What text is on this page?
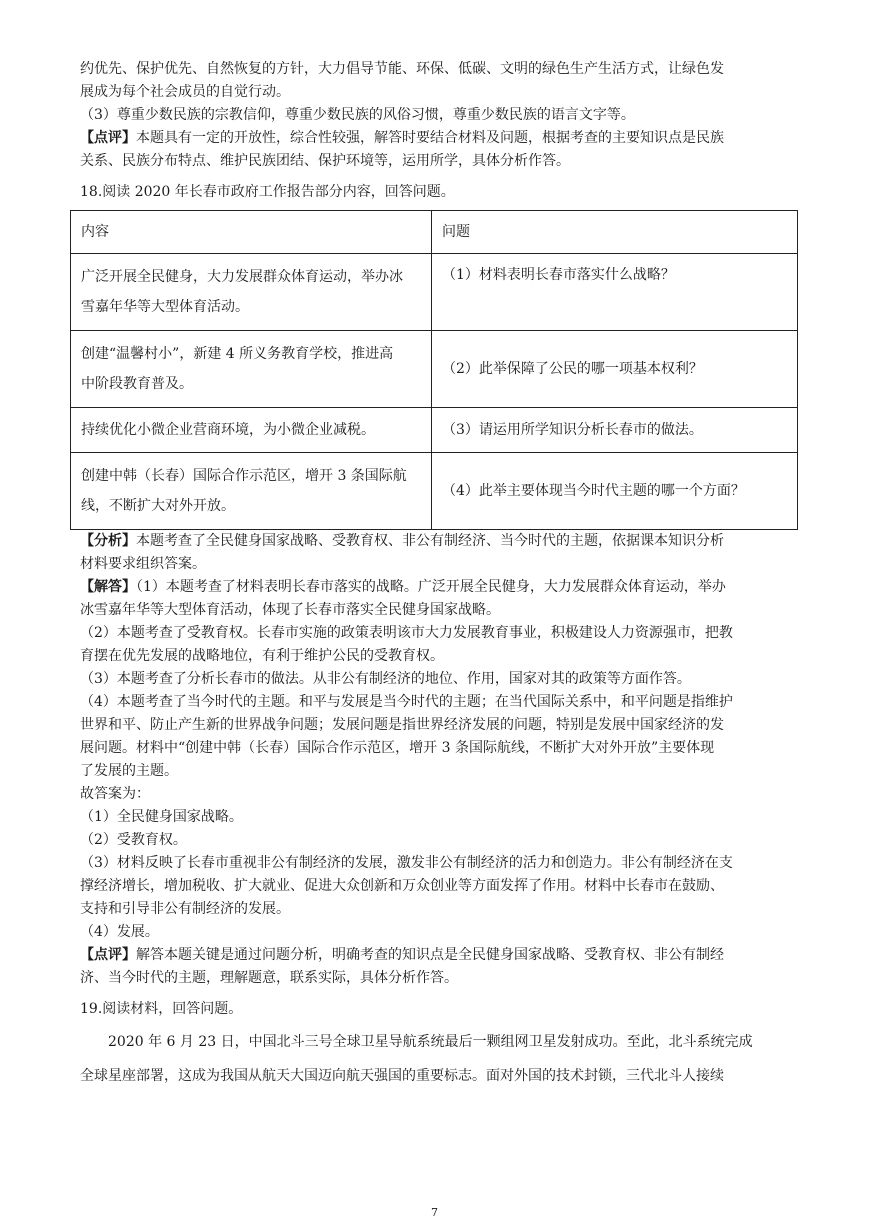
约优先、保护优先、自然恢复的方针，大力倡导节能、环保、低碳、文明的绿色生产生活方式，让绿色发

展成为每个社会成员的自觉行动。

（3）尊重少数民族的宗教信仰，尊重少数民族的风俗习惯，尊重少数民族的语言文字等。

【点评】本题具有一定的开放性，综合性较强，解答时要结合材料及问题，根据考查的主要知识点是民族

关系、民族分布特点、维护民族团结、保护环境等，运用所学，具体分析作答。

18.阅读 2020 年长春市政府工作报告部分内容，回答问题。

内容	问题

广泛开展全民健身，大力发展群众体育运动，举办冰
雪嘉年华等大型体育活动。	（1）材料表明长春市落实什么战略？

创建“温馨村小”，新建 4 所义务教育学校，推进高
中阶段教育普及。	（2）此举保障了公民的哪一项基本权利？

持续优化小微企业营商环境，为小微企业减税。	（3）请运用所学知识分析长春市的做法。

创建中韩（长春）国际合作示范区，增开 3 条国际航
线，不断扩大对外开放。	（4）此举主要体现当今时代主题的哪一个方面？

【分析】本题考查了全民健身国家战略、受教育权、非公有制经济、当今时代的主题，依据课本知识分析

材料要求组织答案。

【解答】（1）本题考查了材料表明长春市落实的战略。广泛开展全民健身，大力发展群众体育运动，举办

冰雪嘉年华等大型体育活动，体现了长春市落实全民健身国家战略。

（2）本题考查了受教育权。长春市实施的政策表明该市大力发展教育事业，积极建设人力资源强市，把教

育摆在优先发展的战略地位，有利于维护公民的受教育权。

（3）本题考查了分析长春市的做法。从非公有制经济的地位、作用，国家对其的政策等方面作答。

（4）本题考查了当今时代的主题。和平与发展是当今时代的主题；在当代国际关系中，和平问题是指维护

世界和平、防止产生新的世界战争问题；发展问题是指世界经济发展的问题，特别是发展中国家经济的发

展问题。材料中“创建中韩（长春）国际合作示范区，增开 3 条国际航线，不断扩大对外开放”主要体现

了发展的主题。

故答案为：

（1）全民健身国家战略。

（2）受教育权。

（3）材料反映了长春市重视非公有制经济的发展，激发非公有制经济的活力和创造力。非公有制经济在支

撑经济增长，增加税收、扩大就业、促进大众创新和万众创业等方面发挥了作用。材料中长春市在鼓励、

支持和引导非公有制经济的发展。

（4）发展。

【点评】解答本题关键是通过问题分析，明确考查的知识点是全民健身国家战略、受教育权、非公有制经

济、当今时代的主题，理解题意，联系实际，具体分析作答。

19.阅读材料，回答问题。

2020 年 6 月 23 日，中国北斗三号全球卫星导航系统最后一颗组网卫星发射成功。至此，北斗系统完成

全球星座部署，这成为我国从航天大国迈向航天强国的重要标志。面对外国的技术封锁，三代北斗人接续

7
